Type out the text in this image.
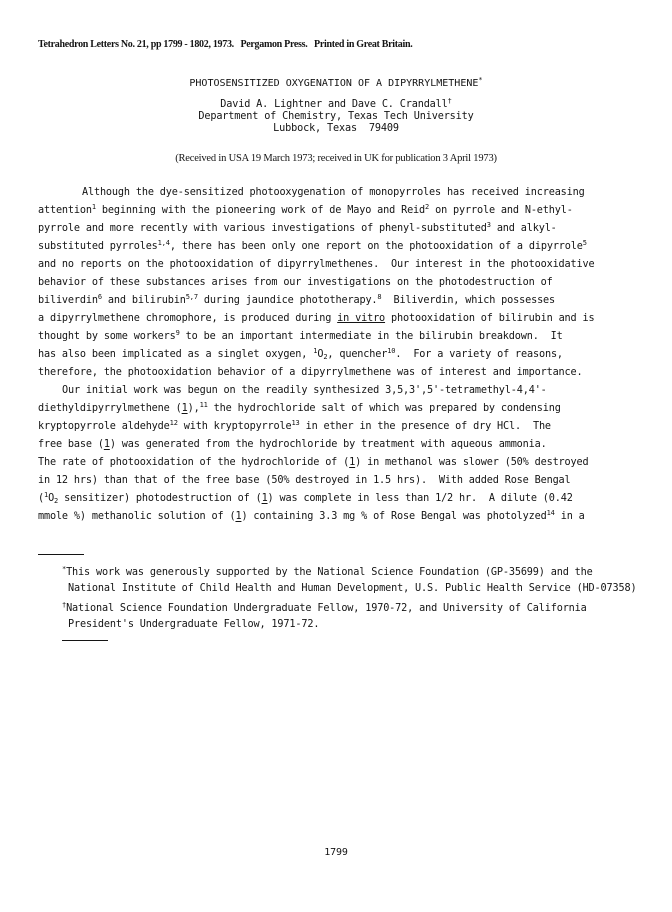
Tetrahedron Letters No. 21, pp 1799 - 1802, 1973.   Pergamon Press.   Printed in Great Britain.
PHOTOSENSITIZED OXYGENATION OF A DIPYRRYLMETHENE*
David A. Lightner and Dave C. Crandall†
Department of Chemistry, Texas Tech University
Lubbock, Texas  79409
(Received in USA 19 March 1973; received in UK for publication 3 April 1973)
Although the dye-sensitized photooxygenation of monopyrroles has received increasing
attention$^1$ beginning with the pioneering work of de Mayo and Reid$^2$ on pyrrole and N-ethyl-
pyrrole and more recently with various investigations of phenyl-substituted$^3$ and alkyl-
substituted pyrroles$^{1,4}$, there has been only one report on the photooxidation of a dipyrrole$^5$
and no reports on the photooxidation of dipyrrylmethenes.  Our interest in the photooxidative
behavior of these substances arises from our investigations on the photodestruction of
biliverdin$^6$ and bilirubin$^{5,7}$ during jaundice phototherapy.$^8$  Biliverdin, which possesses
a dipyrrylmethene chromophore, is produced during in vitro photooxidation of bilirubin and is
thought by some workers$^9$ to be an important intermediate in the bilirubin breakdown.  It
has also been implicated as a singlet oxygen, $^1O_2$, quencher$^{10}$.  For a variety of reasons,
therefore, the photooxidation behavior of a dipyrrylmethene was of interest and importance.
Our initial work was begun on the readily synthesized 3,5,3',5'-tetramethyl-4,4'-
diethyldipyrrylmethene (1),$^{11}$ the hydrochloride salt of which was prepared by condensing
kryptopyrrole aldehyde$^{12}$ with kryptopyrrole$^{13}$ in ether in the presence of dry HCl.  The
free base (1) was generated from the hydrochloride by treatment with aqueous ammonia.
The rate of photooxidation of the hydrochloride of (1) in methanol was slower (50% destroyed
in 12 hrs) than that of the free base (50% destroyed in 1.5 hrs).  With added Rose Bengal
($^1O_2$ sensitizer) photodestruction of (1) was complete in less than 1/2 hr.  A dilute (0.42
mmole %) methanolic solution of (1) containing 3.3 mg % of Rose Bengal was photolyzed$^{14}$ in a
*This work was generously supported by the National Science Foundation (GP-35699) and the
National Institute of Child Health and Human Development, U.S. Public Health Service (HD-07358)
†National Science Foundation Undergraduate Fellow, 1970-72, and University of California
President's Undergraduate Fellow, 1971-72.
1799
